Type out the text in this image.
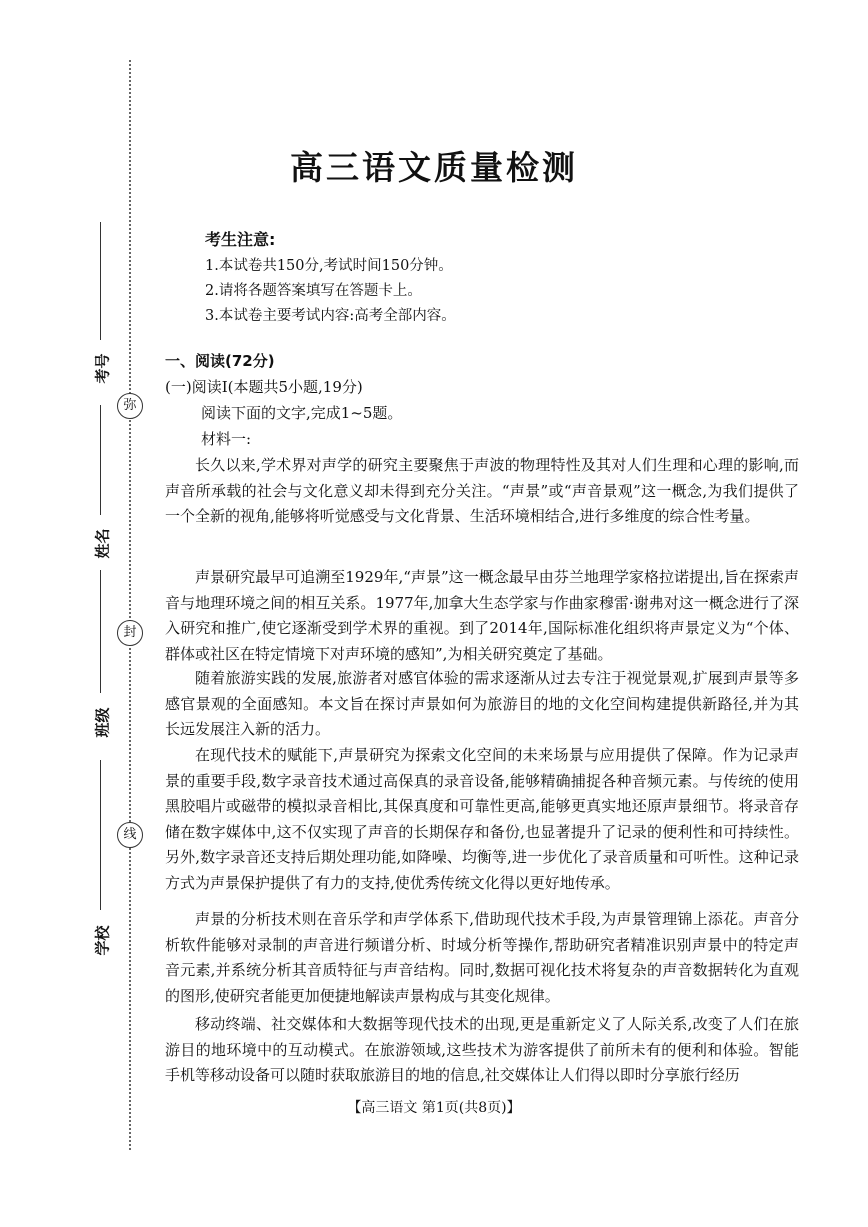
弥
封
线
考号
姓名
班级
学校
高三语文质量检测
考生注意:
1.本试卷共150分,考试时间150分钟。
2.请将各题答案填写在答题卡上。
3.本试卷主要考试内容:高考全部内容。
一、阅读(72分)
(一)阅读Ⅰ(本题共5小题,19分)
阅读下面的文字,完成1~5题。
材料一:
长久以来,学术界对声学的研究主要聚焦于声波的物理特性及其对人们生理和心理的影响,而声音所承载的社会与文化意义却未得到充分关注。“声景”或“声音景观”这一概念,为我们提供了一个全新的视角,能够将听觉感受与文化背景、生活环境相结合,进行多维度的综合性考量。
声景研究最早可追溯至1929年,“声景”这一概念最早由芬兰地理学家格拉诺提出,旨在探索声音与地理环境之间的相互关系。1977年,加拿大生态学家与作曲家穆雷·谢弗对这一概念进行了深入研究和推广,使它逐渐受到学术界的重视。到了2014年,国际标准化组织将声景定义为“个体、群体或社区在特定情境下对声环境的感知”,为相关研究奠定了基础。
随着旅游实践的发展,旅游者对感官体验的需求逐渐从过去专注于视觉景观,扩展到声景等多感官景观的全面感知。本文旨在探讨声景如何为旅游目的地的文化空间构建提供新路径,并为其长远发展注入新的活力。
在现代技术的赋能下,声景研究为探索文化空间的未来场景与应用提供了保障。作为记录声景的重要手段,数字录音技术通过高保真的录音设备,能够精确捕捉各种音频元素。与传统的使用黑胶唱片或磁带的模拟录音相比,其保真度和可靠性更高,能够更真实地还原声景细节。将录音存储在数字媒体中,这不仅实现了声音的长期保存和备份,也显著提升了记录的便利性和可持续性。另外,数字录音还支持后期处理功能,如降噪、均衡等,进一步优化了录音质量和可听性。这种记录方式为声景保护提供了有力的支持,使优秀传统文化得以更好地传承。
声景的分析技术则在音乐学和声学体系下,借助现代技术手段,为声景管理锦上添花。声音分析软件能够对录制的声音进行频谱分析、时域分析等操作,帮助研究者精准识别声景中的特定声音元素,并系统分析其音质特征与声音结构。同时,数据可视化技术将复杂的声音数据转化为直观的图形,使研究者能更加便捷地解读声景构成与其变化规律。
移动终端、社交媒体和大数据等现代技术的出现,更是重新定义了人际关系,改变了人们在旅游目的地环境中的互动模式。在旅游领域,这些技术为游客提供了前所未有的便利和体验。智能手机等移动设备可以随时获取旅游目的地的信息,社交媒体让人们得以即时分享旅行经历
【高三语文 第1页(共8页)】
